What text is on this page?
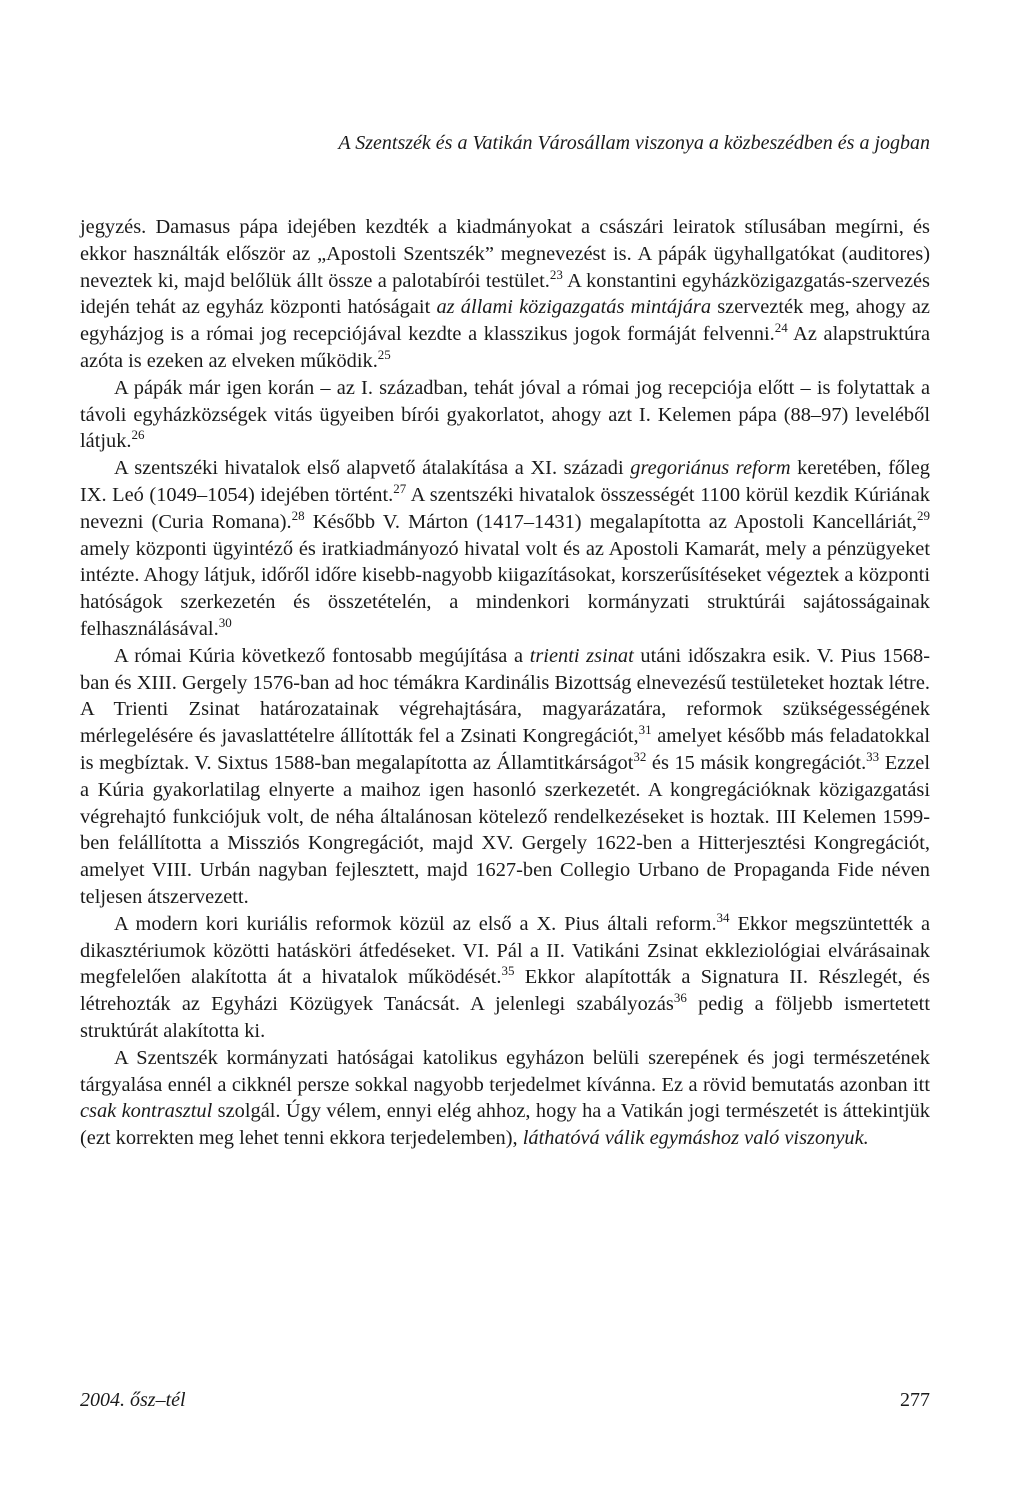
A Szentszék és a Vatikán Városállam viszonya a közbeszédben és a jogban

jegyzés. Damasus pápa idejében kezdték a kiadmányokat a császári leiratok stílusában megírni, és ekkor használták először az „Apostoli Szentszék” megnevezést is. A pápák ügyhallgatókat (auditores) neveztek ki, majd belőlük állt össze a palotabírói testület.$^{23}$ A konstantini egyházközigazgatás-szervezés idején tehát az egyház központi hatóságait az állami közigazgatás mintájára szervezték meg, ahogy az egyházjog is a római jog recepciójával kezdte a klasszikus jogok formáját felvenni.$^{24}$ Az alapstruktúra azóta is ezeken az elveken működik.$^{25}$

A pápák már igen korán – az I. században, tehát jóval a római jog recepciója előtt – is folytattak a távoli egyházközségek vitás ügyeiben bírói gyakorlatot, ahogy azt I. Kelemen pápa (88–97) leveléből látjuk.$^{26}$

A szentszéki hivatalok első alapvető átalakítása a XI. századi gregoriánus reform keretében, főleg IX. Leó (1049–1054) idejében történt.$^{27}$ A szentszéki hivatalok összességét 1100 körül kezdik Kúriának nevezni (Curia Romana).$^{28}$ Később V. Márton (1417–1431) megalapította az Apostoli Kancelláriát,$^{29}$ amely központi ügyintéző és iratkiadmányozó hivatal volt és az Apostoli Kamarát, mely a pénzügyeket intézte. Ahogy látjuk, időről időre kisebb-nagyobb kiigazításokat, korszerűsítéseket végeztek a központi hatóságok szerkezetén és összetételén, a mindenkori kormányzati struktúrái sajátosságainak felhasználásával.$^{30}$

A római Kúria következő fontosabb megújítása a trienti zsinat utáni időszakra esik. V. Pius 1568-ban és XIII. Gergely 1576-ban ad hoc témákra Kardinális Bizottság elnevezésű testületeket hoztak létre. A Trienti Zsinat határozatainak végrehajtására, magyarázatára, reformok szükségességének mérlegelésére és javaslattételre állították fel a Zsinati Kongregációt,$^{31}$ amelyet később más feladatokkal is megbíztak. V. Sixtus 1588-ban megalapította az Államtitkárságot$^{32}$ és 15 másik kongregációt.$^{33}$ Ezzel a Kúria gyakorlatilag elnyerte a maihoz igen hasonló szerkezetét. A kongregációknak közigazgatási végrehajtó funkciójuk volt, de néha általánosan kötelező rendelkezéseket is hoztak. III Kelemen 1599-ben felállította a Missziós Kongregációt, majd XV. Gergely 1622-ben a Hitterjesztési Kongregációt, amelyet VIII. Urbán nagyban fejlesztett, majd 1627-ben Collegio Urbano de Propaganda Fide néven teljesen átszervezett.

A modern kori kuriális reformok közül az első a X. Pius általi reform.$^{34}$ Ekkor megszüntették a dikasztériumok közötti hatásköri átfedéseket. VI. Pál a II. Vatikáni Zsinat ekkleziológiai elvárásainak megfelelően alakította át a hivatalok működését.$^{35}$ Ekkor alapították a Signatura II. Részlegét, és létrehozták az Egyházi Közügyek Tanácsát. A jelenlegi szabályozás$^{36}$ pedig a följebb ismertetett struktúrát alakította ki.

A Szentszék kormányzati hatóságai katolikus egyházon belüli szerepének és jogi természetének tárgyalása ennél a cikknél persze sokkal nagyobb terjedelmet kívánna. Ez a rövid bemutatás azonban itt csak kontrasztul szolgál. Úgy vélem, ennyi elég ahhoz, hogy ha a Vatikán jogi természetét is áttekintjük (ezt korrekten meg lehet tenni ekkora terjedelemben), láthatóvá válik egymáshoz való viszonyuk.

2004. ősz–tél	277
